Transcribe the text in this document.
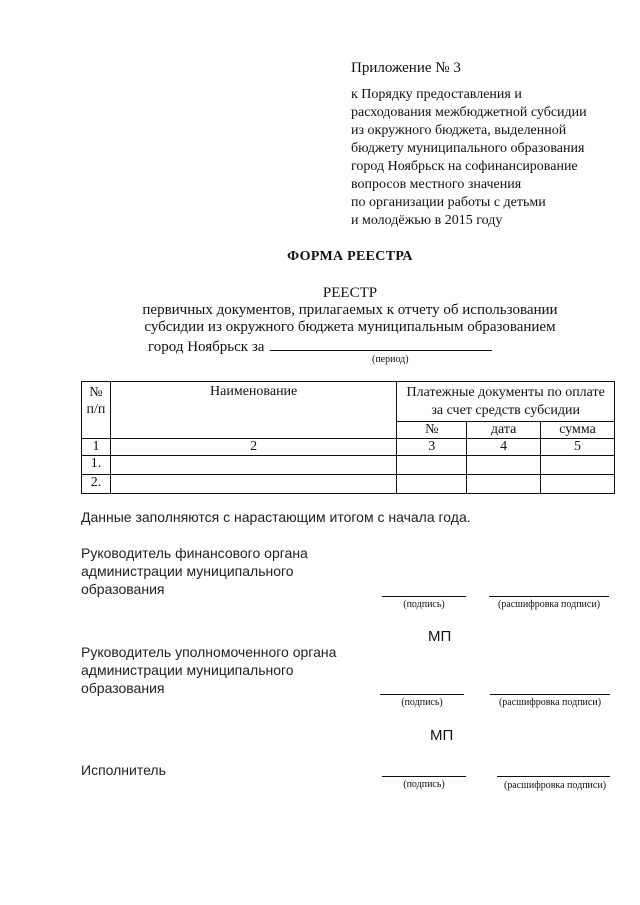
Приложение № 3
к Порядку предоставления и
расходования межбюджетной субсидии
из окружного бюджета, выделенной
бюджету муниципального образования
город Ноябрьск на софинансирование
вопросов местного значения
по организации работы с детьми
и молодёжью в 2015 году
ФОРМА РЕЕСТРА
РЕЕСТР
первичных документов, прилагаемых к отчету об использовании
субсидии из окружного бюджета муниципальным образованием
город Ноябрьск за
(период)
№ п/п	Наименование	Платежные документы по оплате за счет средств субсидии		
		№	дата	сумма
1	2	3	4	5
1.				
2.				
Данные заполняются с нарастающим итогом с начала года.
Руководитель финансового органа
администрации муниципального
образования
(подпись)	(расшифровка подписи)
МП
Руководитель уполномоченного органа
администрации муниципального
образования
(подпись)	(расшифровка подписи)
МП
Исполнитель
(подпись)	(расшифровка подписи)
